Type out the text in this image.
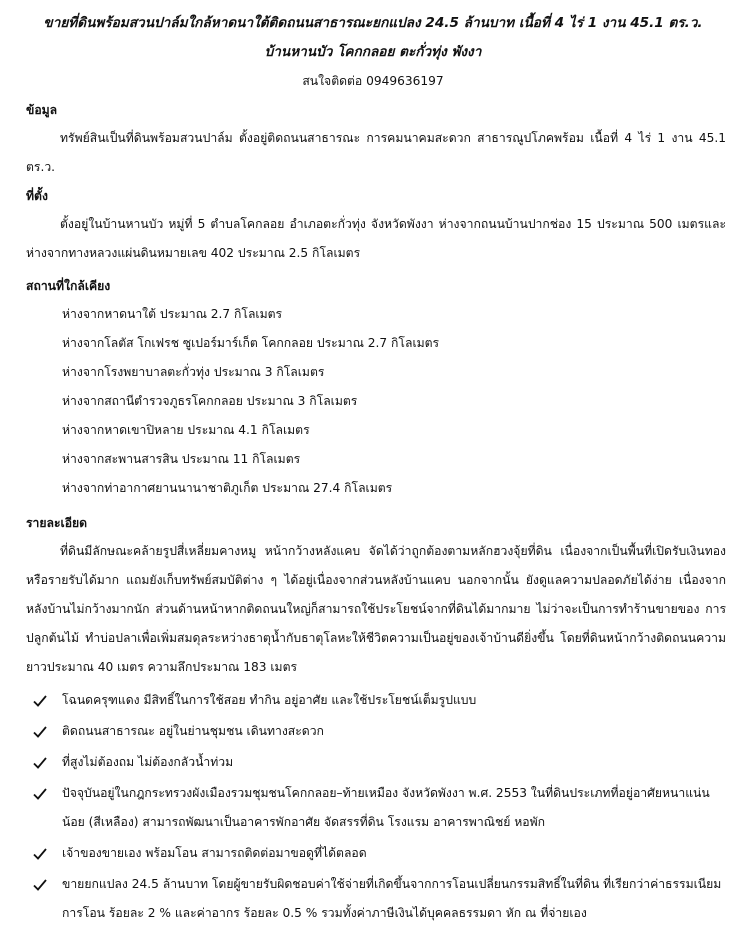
ขายที่ดินพร้อมสวนปาล์มใกล้หาดนาใต้ติดถนนสาธารณะยกแปลง 24.5 ล้านบาท เนื้อที่ 4 ไร่ 1 งาน 45.1 ตร.ว.

บ้านหานบัว โคกกลอย ตะกั่วทุ่ง พังงา

สนใจติดต่อ 0949636197

ข้อมูล

ทรัพย์สินเป็นที่ดินพร้อมสวนปาล์ม ตั้งอยู่ติดถนนสาธารณะ การคมนาคมสะดวก สาธารณูปโภคพร้อม เนื้อที่ 4 ไร่ 1 งาน 45.1 ตร.ว.

ที่ตั้ง

ตั้งอยู่ในบ้านหานบัว หมู่ที่ 5 ตำบลโคกลอย อำเภอตะกั่วทุ่ง จังหวัดพังงา ห่างจากถนนบ้านปากช่อง 15 ประมาณ 500 เมตรและห่างจากทางหลวงแผ่นดินหมายเลข 402 ประมาณ 2.5 กิโลเมตร

สถานที่ใกล้เคียง

ห่างจากหาดนาใต้ ประมาณ 2.7 กิโลเมตร
ห่างจากโลตัส โกเฟรช ซูเปอร์มาร์เก็ต โคกกลอย ประมาณ 2.7 กิโลเมตร
ห่างจากโรงพยาบาลตะกั่วทุ่ง ประมาณ 3 กิโลเมตร
ห่างจากสถานีตำรวจภูธรโคกกลอย ประมาณ 3 กิโลเมตร
ห่างจากหาดเขาปิหลาย ประมาณ 4.1 กิโลเมตร
ห่างจากสะพานสารสิน ประมาณ 11 กิโลเมตร
ห่างจากท่าอากาศยานนานาชาติภูเก็ต ประมาณ 27.4 กิโลเมตร

รายละเอียด

ที่ดินมีลักษณะคล้ายรูปสี่เหลี่ยมคางหมู หน้ากว้างหลังแคบ จัดได้ว่าถูกต้องตามหลักฮวงจุ้ยที่ดิน เนื่องจากเป็นพื้นที่เปิดรับเงินทองหรือรายรับได้มาก แถมยังเก็บทรัพย์สมบัติต่าง ๆ ได้อยู่เนื่องจากส่วนหลังบ้านแคบ นอกจากนั้น ยังดูแลความปลอดภัยได้ง่าย เนื่องจากหลังบ้านไม่กว้างมากนัก ส่วนด้านหน้าหากติดถนนใหญ่ก็สามารถใช้ประโยชน์จากที่ดินได้มากมาย ไม่ว่าจะเป็นการทำร้านขายของ การปลูกต้นไม้ ทำบ่อปลาเพื่อเพิ่มสมดุลระหว่างธาตุน้ำกับธาตุโลหะให้ชีวิตความเป็นอยู่ของเจ้าบ้านดียิ่งขึ้น โดยที่ดินหน้ากว้างติดถนนความยาวประมาณ 40 เมตร ความลึกประมาณ 183 เมตร

โฉนดครุฑแดง มีสิทธิ์ในการใช้สอย ทำกิน อยู่อาศัย และใช้ประโยชน์เต็มรูปแบบ
ติดถนนสาธารณะ อยู่ในย่านชุมชน เดินทางสะดวก
ที่สูงไม่ต้องถม ไม่ต้องกลัวน้ำท่วม
ปัจจุบันอยู่ในกฎกระทรวงผังเมืองรวมชุมชนโคกกลอย–ท้ายเหมือง จังหวัดพังงา พ.ศ. 2553 ในที่ดินประเภทที่อยู่อาศัยหนาแน่นน้อย (สีเหลือง) สามารถพัฒนาเป็นอาคารพักอาศัย จัดสรรที่ดิน โรงแรม อาคารพาณิชย์ หอพัก
เจ้าของขายเอง พร้อมโอน สามารถติดต่อมาขอดูที่ได้ตลอด
ขายยกแปลง 24.5 ล้านบาท โดยผู้ขายรับผิดชอบค่าใช้จ่ายที่เกิดขึ้นจากการโอนเปลี่ยนกรรมสิทธิ์ในที่ดิน ที่เรียกว่าค่าธรรมเนียมการโอน ร้อยละ 2 % และค่าอากร ร้อยละ 0.5 % รวมทั้งค่าภาษีเงินได้บุคคลธรรมดา หัก ณ ที่จ่ายเอง
